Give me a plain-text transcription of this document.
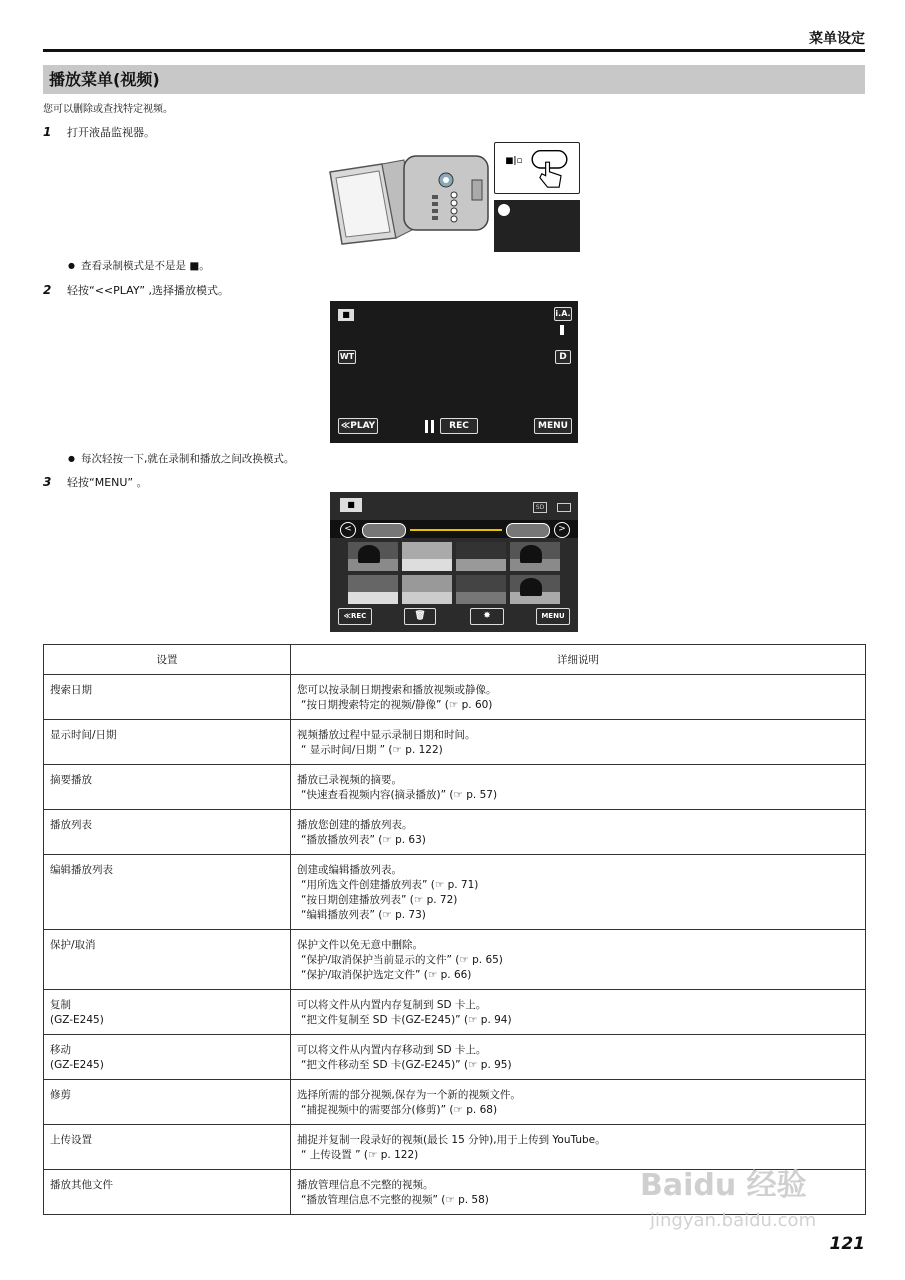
菜单设定
播放菜单(视频)
您可以删除或查找特定视频。
1 打开液晶监视器。
■|▫
● 查看录制模式是不是是 ■。
2 轻按“<<PLAY” ,选择播放模式。
■	i.A.
WT	D
≪PLAY	REC	MENU
● 每次轻按一下,就在录制和播放之间改换模式。
3 轻按“MENU” 。
■	SD
<	>
≪REC	🗑	✸	MENU
设置	详细说明

搜索日期	您可以按录制日期搜索和播放视频或静像。
“按日期搜索特定的视频/静像” (☞ p. 60)

显示时间/日期	视频播放过程中显示录制日期和时间。
“ 显示时间/日期 ” (☞ p. 122)

摘要播放	播放已录视频的摘要。
“快速查看视频内容(摘录播放)” (☞ p. 57)

播放列表	播放您创建的播放列表。
“播放播放列表” (☞ p. 63)

编辑播放列表	创建或编辑播放列表。
“用所选文件创建播放列表” (☞ p. 71)
“按日期创建播放列表” (☞ p. 72)
“编辑播放列表” (☞ p. 73)

保护/取消	保护文件以免无意中删除。
“保护/取消保护当前显示的文件” (☞ p. 65)
“保护/取消保护选定文件” (☞ p. 66)

复制
(GZ-E245)	可以将文件从内置内存复制到 SD 卡上。
“把文件复制至 SD 卡(GZ-E245)” (☞ p. 94)

移动
(GZ-E245)	可以将文件从内置内存移动到 SD 卡上。
“把文件移动至 SD 卡(GZ-E245)” (☞ p. 95)

修剪	选择所需的部分视频,保存为一个新的视频文件。
“捕捉视频中的需要部分(修剪)” (☞ p. 68)

上传设置	捕捉并复制一段录好的视频(最长 15 分钟),用于上传到 YouTube。
“ 上传设置 ” (☞ p. 122)

播放其他文件	播放管理信息不完整的视频。
“播放管理信息不完整的视频” (☞ p. 58)
121
Baidu 经验
jingyan.baidu.com
